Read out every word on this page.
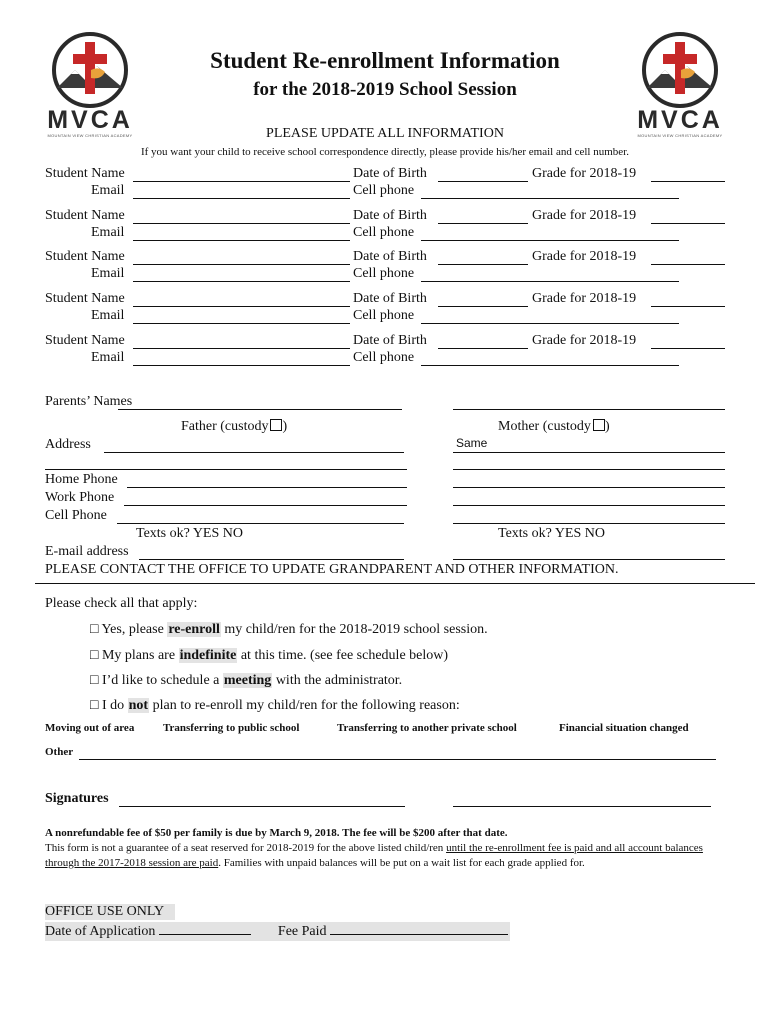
MVCA
MOUNTAIN VIEW CHRISTIAN ACADEMY
MVCA
MOUNTAIN VIEW CHRISTIAN ACADEMY
Student Re-enrollment Information
for the 2018-2019 School Session
PLEASE UPDATE ALL INFORMATION
If you want your child to receive school correspondence directly, please provide his/her email and cell number.
Student Name	Date of Birth	Grade for 2018-19
Email	Cell phone
Student Name	Date of Birth	Grade for 2018-19
Email	Cell phone
Student Name	Date of Birth	Grade for 2018-19
Email	Cell phone
Student Name	Date of Birth	Grade for 2018-19
Email	Cell phone
Student Name	Date of Birth	Grade for 2018-19
Email	Cell phone
Parents’ Names
Father (custody )	Mother (custody )
Address	Same
Home Phone
Work Phone
Cell Phone
Texts ok? YES NO	Texts ok? YES NO
E-mail address
PLEASE CONTACT THE OFFICE TO UPDATE GRANDPARENT AND OTHER INFORMATION.
Please check all that apply:
□ Yes, please re-enroll my child/ren for the 2018-2019 school session.
□ My plans are indefinite at this time. (see fee schedule below)
□ I’d like to schedule a meeting with the administrator.
□ I do not plan to re-enroll my child/ren for the following reason:
Moving out of area	Transferring to public school	Transferring to another private school	Financial situation changed
Other
Signatures
A nonrefundable fee of $50 per family is due by March 9, 2018. The fee will be $200 after that date.
This form is not a guarantee of a seat reserved for 2018-2019 for the above listed child/ren until the re-enrollment fee is paid and all account balances through the 2017-2018 session are paid. Families with unpaid balances will be put on a wait list for each grade applied for.
OFFICE USE ONLY
Date of Application	Fee Paid
